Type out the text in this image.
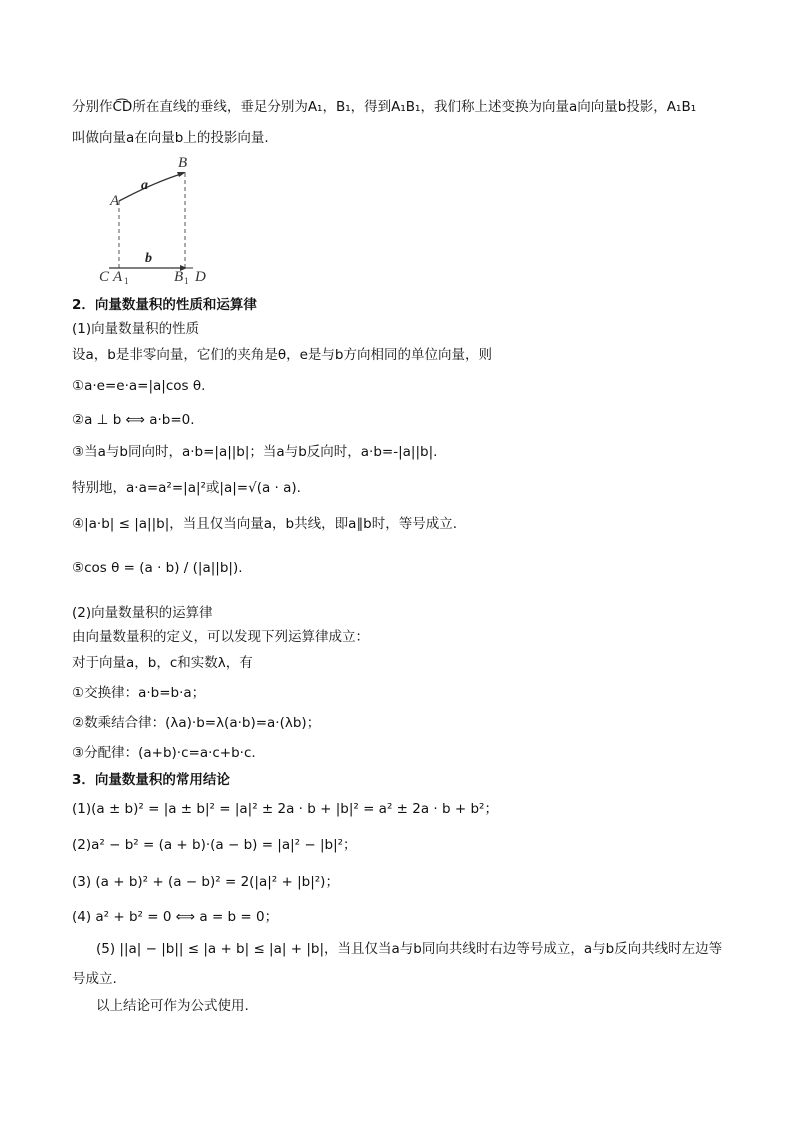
分别作C͡D所在直线的垂线，垂足分别为A₁，B₁，得到A₁B₁，我们称上述变换为向量a向向量b投影，A₁B₁
叫做向量a在向量b上的投影向量.
B
A
a
b
C A 1	B 1 D
2．向量数量积的性质和运算律
(1)向量数量积的性质
设a，b是非零向量，它们的夹角是θ，e是与b方向相同的单位向量，则
①a·e=e·a=|a|cos θ.
②a ⊥ b ⟺ a·b=0.
③当a与b同向时，a·b=|a||b|；当a与b反向时，a·b=-|a||b|.
特别地，a·a=a²=|a|²或|a|=√(a · a).
④|a·b| ≤ |a||b|，当且仅当向量a，b共线，即a∥b时，等号成立.
⑤cos θ = (a · b) / (|a||b|).
(2)向量数量积的运算律
由向量数量积的定义，可以发现下列运算律成立：
对于向量a，b，c和实数λ，有
①交换律：a·b=b·a；
②数乘结合律：(λa)·b=λ(a·b)=a·(λb)；
③分配律：(a+b)·c=a·c+b·c.
3．向量数量积的常用结论
(1)(a ± b)² = |a ± b|² = |a|² ± 2a · b + |b|² = a² ± 2a · b + b²；
(2)a² − b² = (a + b)·(a − b) = |a|² − |b|²；
(3) (a + b)² + (a − b)² = 2(|a|² + |b|²)；
(4) a² + b² = 0 ⟺ a = b = 0；
(5) ||a| − |b|| ≤ |a + b| ≤ |a| + |b|，当且仅当a与b同向共线时右边等号成立，a与b反向共线时左边等
号成立.
以上结论可作为公式使用.
